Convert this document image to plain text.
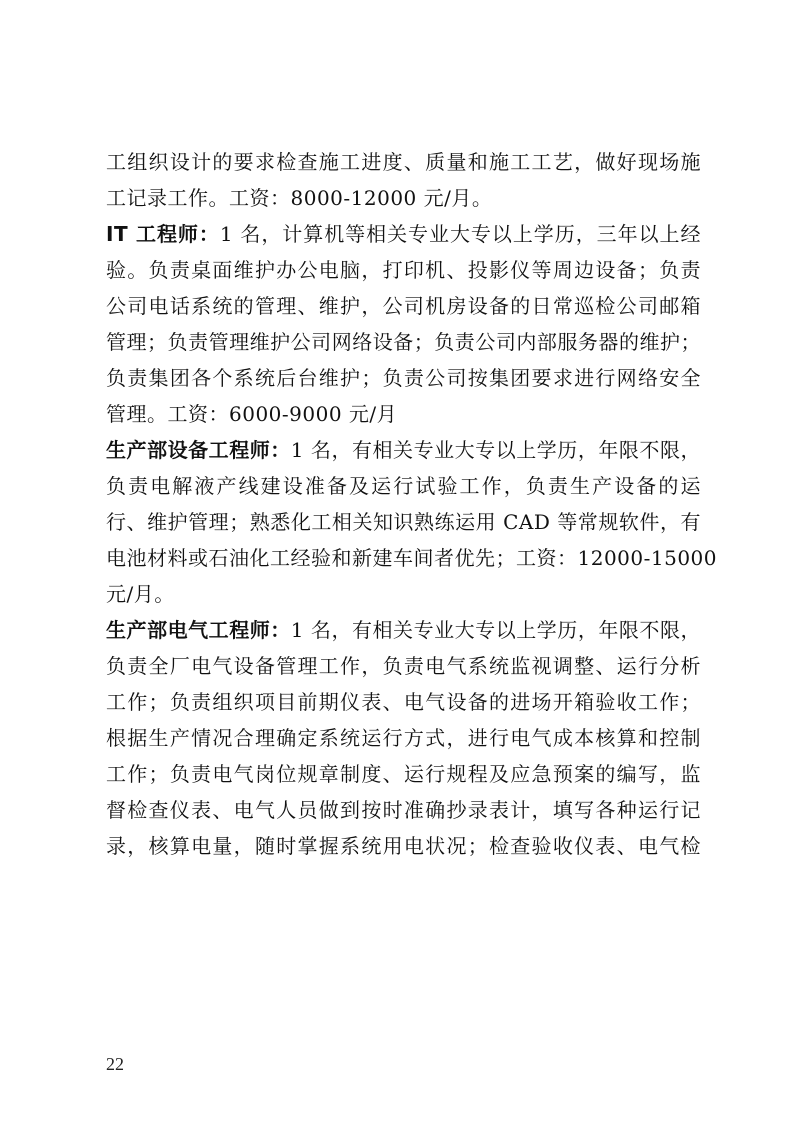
工组织设计的要求检查施工进度、质量和施工工艺，做好现场施
工记录工作。工资：8000-12000 元/月。
IT 工程师：1 名，计算机等相关专业大专以上学历，三年以上经
验。负责桌面维护办公电脑，打印机、投影仪等周边设备；负责
公司电话系统的管理、维护，公司机房设备的日常巡检公司邮箱
管理；负责管理维护公司网络设备；负责公司内部服务器的维护；
负责集团各个系统后台维护；负责公司按集团要求进行网络安全
管理。工资：6000-9000 元/月
生产部设备工程师：1 名，有相关专业大专以上学历，年限不限，
负责电解液产线建设准备及运行试验工作，负责生产设备的运
行、维护管理；熟悉化工相关知识熟练运用 CAD 等常规软件，有
电池材料或石油化工经验和新建车间者优先；工资：12000-15000
元/月。
生产部电气工程师：1 名，有相关专业大专以上学历，年限不限，
负责全厂电气设备管理工作，负责电气系统监视调整、运行分析
工作；负责组织项目前期仪表、电气设备的进场开箱验收工作；
根据生产情况合理确定系统运行方式，进行电气成本核算和控制
工作；负责电气岗位规章制度、运行规程及应急预案的编写，监
督检查仪表、电气人员做到按时准确抄录表计，填写各种运行记
录，核算电量，随时掌握系统用电状况；检查验收仪表、电气检
22
